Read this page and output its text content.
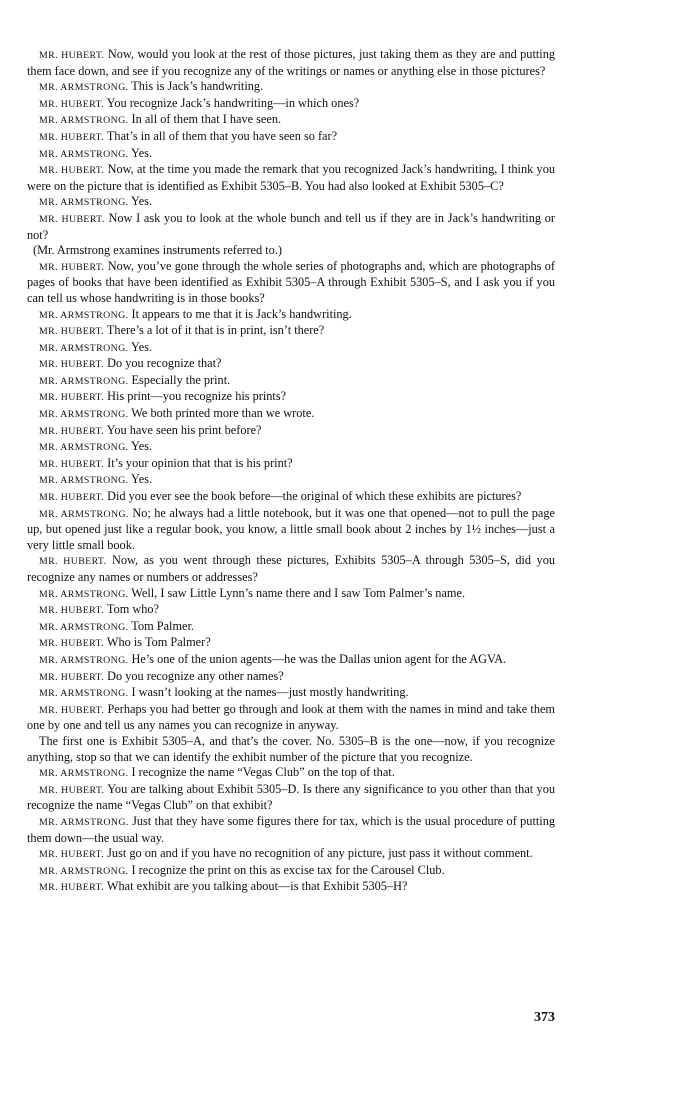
MR. HUBERT. Now, would you look at the rest of those pictures, just taking them as they are and putting them face down, and see if you recognize any of the writings or names or anything else in those pictures?

MR. ARMSTRONG. This is Jack’s handwriting.

MR. HUBERT. You recognize Jack’s handwriting—in which ones?

MR. ARMSTRONG. In all of them that I have seen.

MR. HUBERT. That’s in all of them that you have seen so far?

MR. ARMSTRONG. Yes.

MR. HUBERT. Now, at the time you made the remark that you recognized Jack’s handwriting, I think you were on the picture that is identified as Exhibit 5305–B. You had also looked at Exhibit 5305–C?

MR. ARMSTRONG. Yes.

MR. HUBERT. Now I ask you to look at the whole bunch and tell us if they are in Jack’s handwriting or not?

(Mr. Armstrong examines instruments referred to.)

MR. HUBERT. Now, you’ve gone through the whole series of photographs and, which are photographs of pages of books that have been identified as Exhibit 5305–A through Exhibit 5305–S, and I ask you if you can tell us whose handwriting is in those books?

MR. ARMSTRONG. It appears to me that it is Jack’s handwriting.

MR. HUBERT. There’s a lot of it that is in print, isn’t there?

MR. ARMSTRONG. Yes.

MR. HUBERT. Do you recognize that?

MR. ARMSTRONG. Especially the print.

MR. HUBERT. His print—you recognize his prints?

MR. ARMSTRONG. We both printed more than we wrote.

MR. HUBERT. You have seen his print before?

MR. ARMSTRONG. Yes.

MR. HUBERT. It’s your opinion that that is his print?

MR. ARMSTRONG. Yes.

MR. HUBERT. Did you ever see the book before—the original of which these exhibits are pictures?

MR. ARMSTRONG. No; he always had a little notebook, but it was one that opened—not to pull the page up, but opened just like a regular book, you know, a little small book about 2 inches by 1½ inches—just a very little small book.

MR. HUBERT. Now, as you went through these pictures, Exhibits 5305–A through 5305–S, did you recognize any names or numbers or addresses?

MR. ARMSTRONG. Well, I saw Little Lynn’s name there and I saw Tom Palmer’s name.

MR. HUBERT. Tom who?

MR. ARMSTRONG. Tom Palmer.

MR. HUBERT. Who is Tom Palmer?

MR. ARMSTRONG. He’s one of the union agents—he was the Dallas union agent for the AGVA.

MR. HUBERT. Do you recognize any other names?

MR. ARMSTRONG. I wasn’t looking at the names—just mostly handwriting.

MR. HUBERT. Perhaps you had better go through and look at them with the names in mind and take them one by one and tell us any names you can recognize in anyway.

The first one is Exhibit 5305–A, and that’s the cover. No. 5305–B is the one—now, if you recognize anything, stop so that we can identify the exhibit number of the picture that you recognize.

MR. ARMSTRONG. I recognize the name “Vegas Club” on the top of that.

MR. HUBERT. You are talking about Exhibit 5305–D. Is there any significance to you other than that you recognize the name “Vegas Club” on that exhibit?

MR. ARMSTRONG. Just that they have some figures there for tax, which is the usual procedure of putting them down—the usual way.

MR. HUBERT. Just go on and if you have no recognition of any picture, just pass it without comment.

MR. ARMSTRONG. I recognize the print on this as excise tax for the Carousel Club.

MR. HUBERT. What exhibit are you talking about—is that Exhibit 5305–H?

373
